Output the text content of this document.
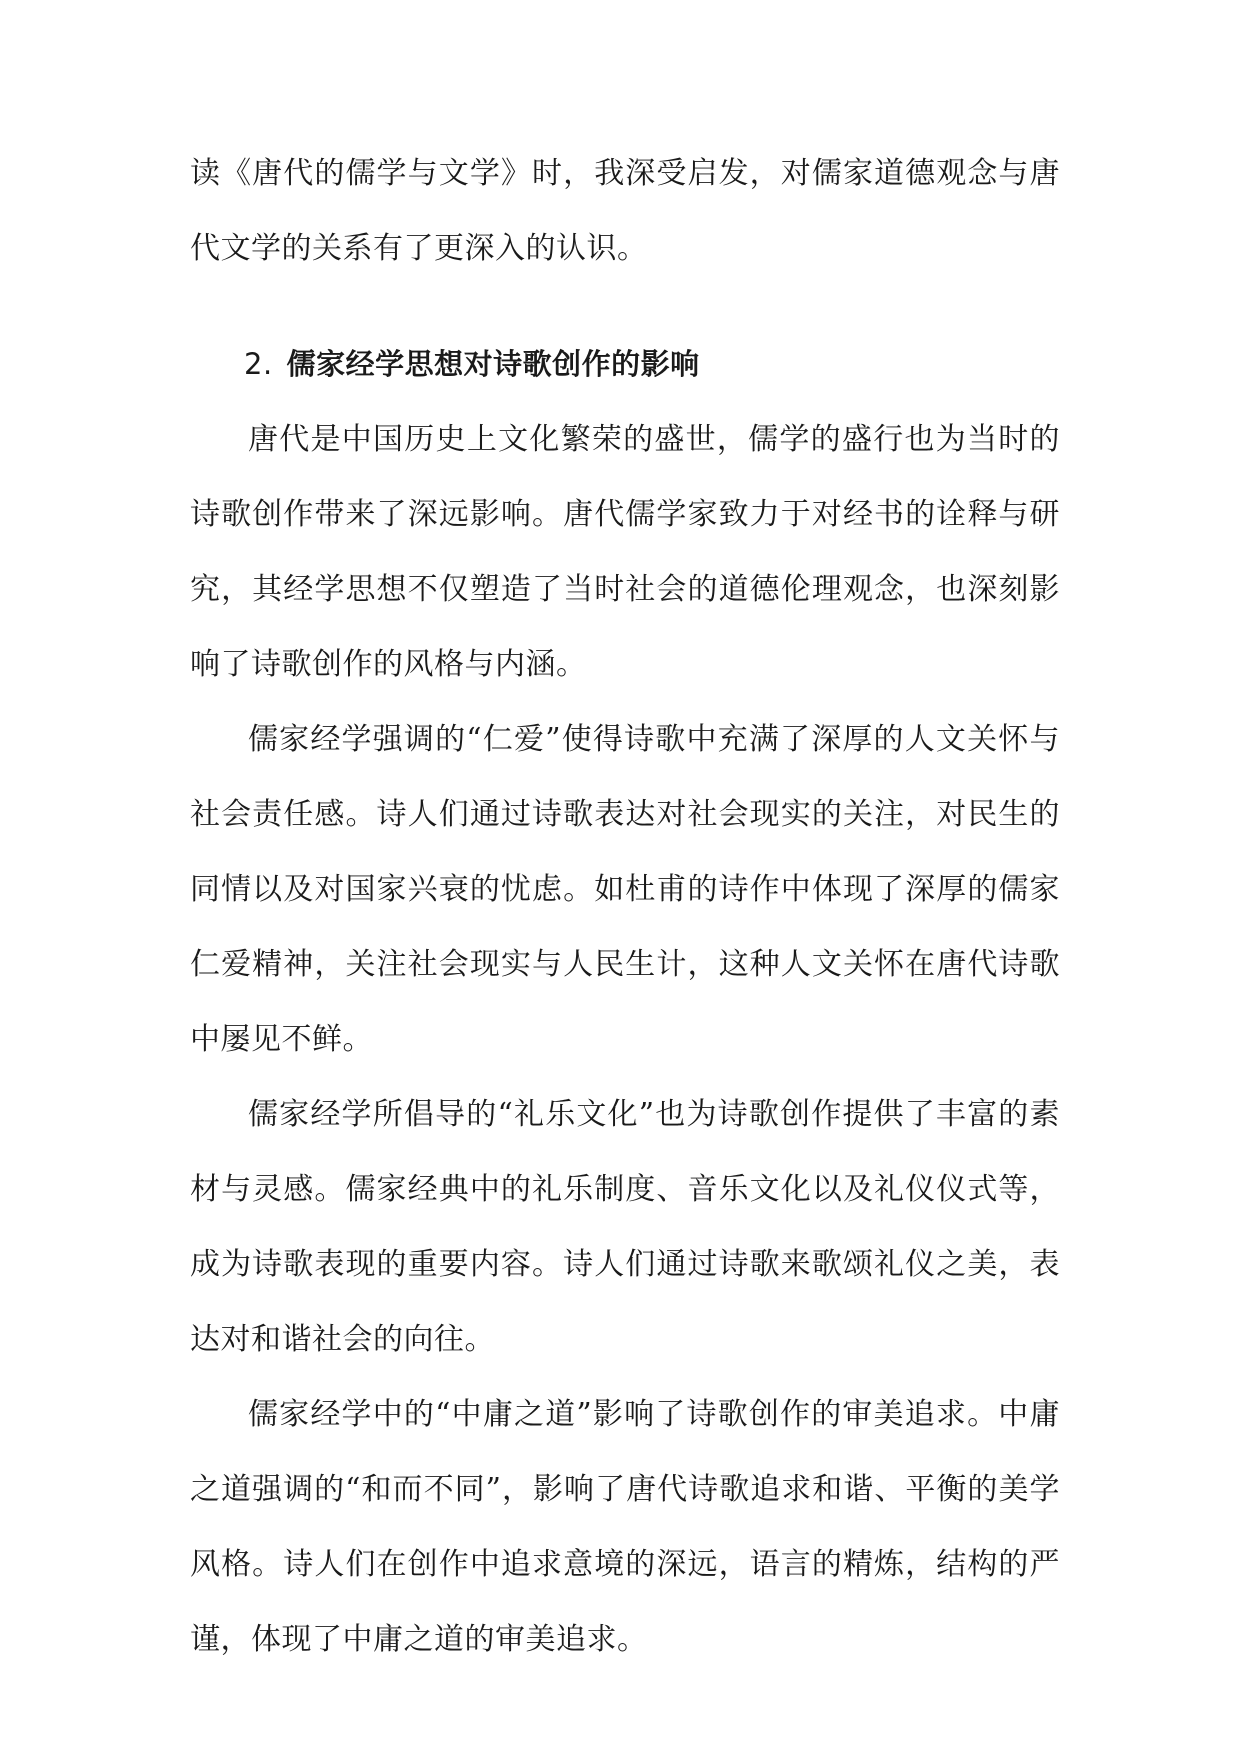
读《唐代的儒学与文学》时，我深受启发，对儒家道德观念与唐代文学的关系有了更深入的认识。

2. 儒家经学思想对诗歌创作的影响

唐代是中国历史上文化繁荣的盛世，儒学的盛行也为当时的诗歌创作带来了深远影响。唐代儒学家致力于对经书的诠释与研究，其经学思想不仅塑造了当时社会的道德伦理观念，也深刻影响了诗歌创作的风格与内涵。

儒家经学强调的“仁爱”使得诗歌中充满了深厚的人文关怀与社会责任感。诗人们通过诗歌表达对社会现实的关注，对民生的同情以及对国家兴衰的忧虑。如杜甫的诗作中体现了深厚的儒家仁爱精神，关注社会现实与人民生计，这种人文关怀在唐代诗歌中屡见不鲜。

儒家经学所倡导的“礼乐文化”也为诗歌创作提供了丰富的素材与灵感。儒家经典中的礼乐制度、音乐文化以及礼仪仪式等，成为诗歌表现的重要内容。诗人们通过诗歌来歌颂礼仪之美，表达对和谐社会的向往。

儒家经学中的“中庸之道”影响了诗歌创作的审美追求。中庸之道强调的“和而不同”，影响了唐代诗歌追求和谐、平衡的美学风格。诗人们在创作中追求意境的深远，语言的精炼，结构的严谨，体现了中庸之道的审美追求。
